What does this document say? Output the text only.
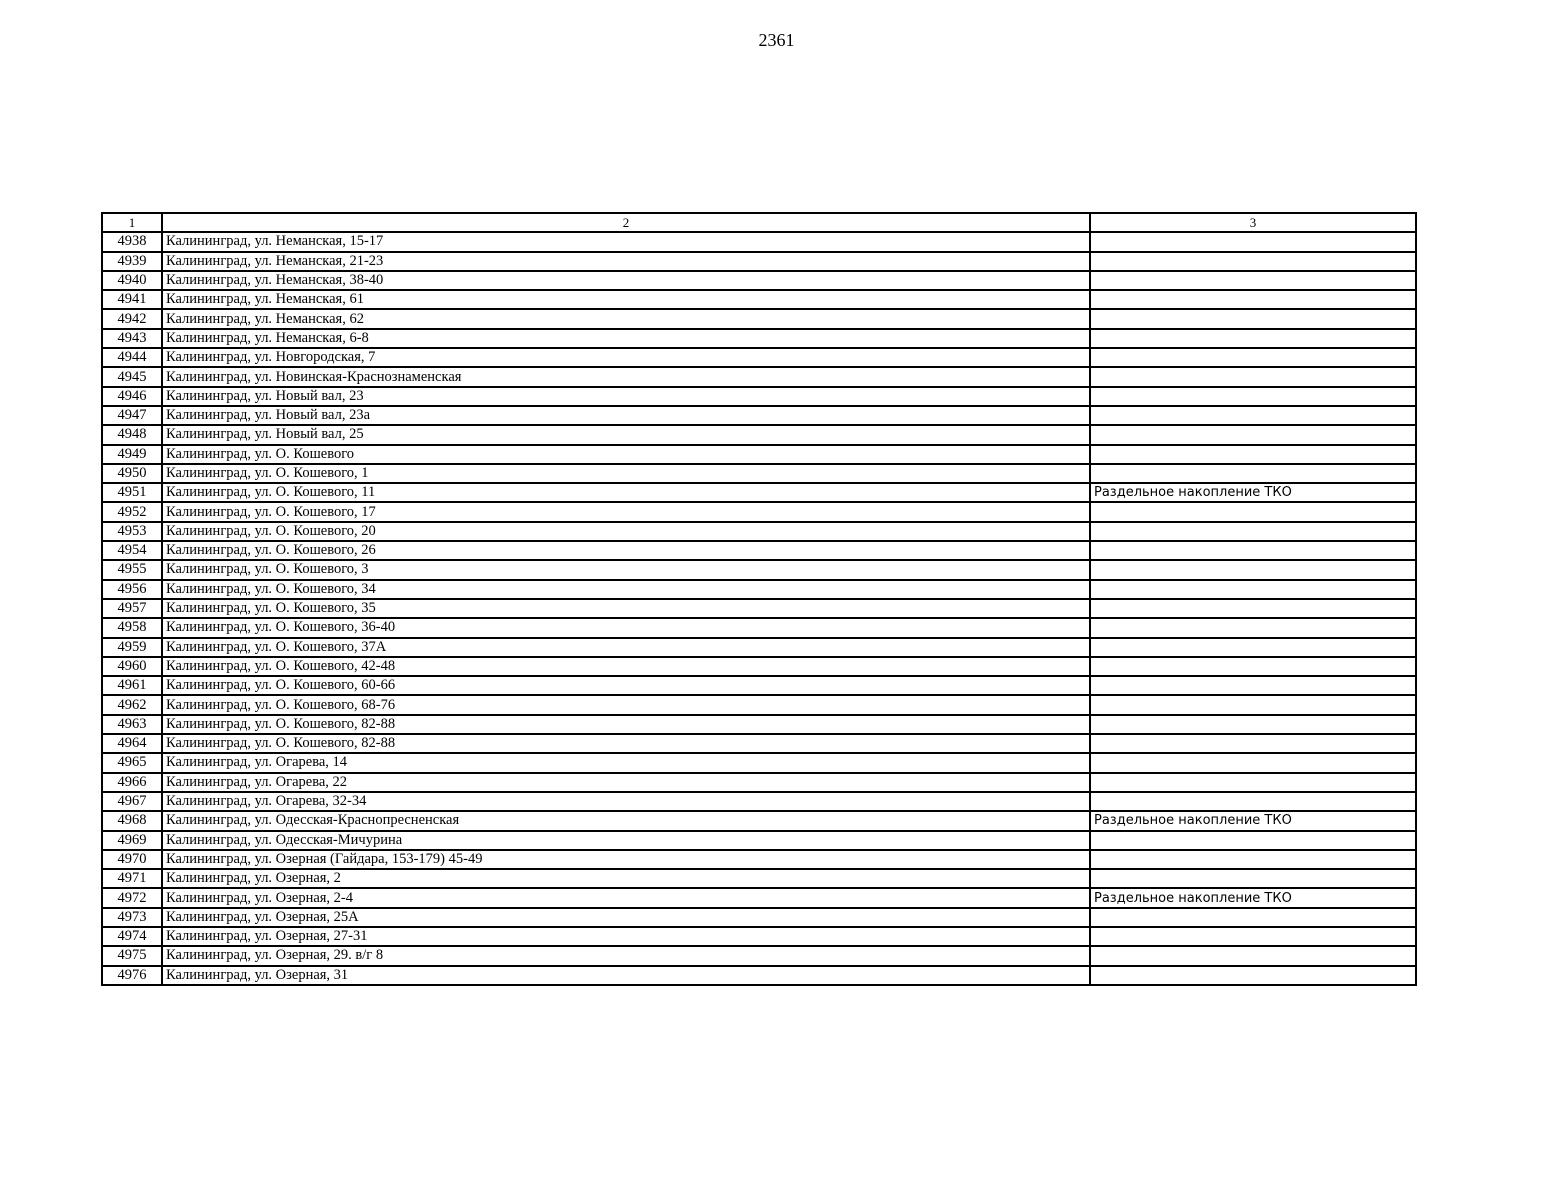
2361
1	2	3
4938	Калининград, ул. Неманская, 15-17	
4939	Калининград, ул. Неманская, 21-23	
4940	Калининград, ул. Неманская, 38-40	
4941	Калининград, ул. Неманская, 61	
4942	Калининград, ул. Неманская, 62	
4943	Калининград, ул. Неманская, 6-8	
4944	Калининград, ул. Новгородская, 7	
4945	Калининград, ул. Новинская-Краснознаменская	
4946	Калининград, ул. Новый вал, 23	
4947	Калининград, ул. Новый вал, 23а	
4948	Калининград, ул. Новый вал, 25	
4949	Калининград, ул. О. Кошевого	
4950	Калининград, ул. О. Кошевого, 1	
4951	Калининград, ул. О. Кошевого, 11	Раздельное накопление ТКО
4952	Калининград, ул. О. Кошевого, 17	
4953	Калининград, ул. О. Кошевого, 20	
4954	Калининград, ул. О. Кошевого, 26	
4955	Калининград, ул. О. Кошевого, 3	
4956	Калининград, ул. О. Кошевого, 34	
4957	Калининград, ул. О. Кошевого, 35	
4958	Калининград, ул. О. Кошевого, 36-40	
4959	Калининград, ул. О. Кошевого, 37А	
4960	Калининград, ул. О. Кошевого, 42-48	
4961	Калининград, ул. О. Кошевого, 60-66	
4962	Калининград, ул. О. Кошевого, 68-76	
4963	Калининград, ул. О. Кошевого, 82-88	
4964	Калининград, ул. О. Кошевого, 82-88	
4965	Калининград, ул. Огарева, 14	
4966	Калининград, ул. Огарева, 22	
4967	Калининград, ул. Огарева, 32-34	
4968	Калининград, ул. Одесская-Краснопресненская	Раздельное накопление ТКО
4969	Калининград, ул. Одесская-Мичурина	
4970	Калининград, ул. Озерная (Гайдара, 153-179) 45-49	
4971	Калининград, ул. Озерная, 2	
4972	Калининград, ул. Озерная, 2-4	Раздельное накопление ТКО
4973	Калининград, ул. Озерная, 25А	
4974	Калининград, ул. Озерная, 27-31	
4975	Калининград, ул. Озерная, 29. в/г 8	
4976	Калининград, ул. Озерная, 31	
